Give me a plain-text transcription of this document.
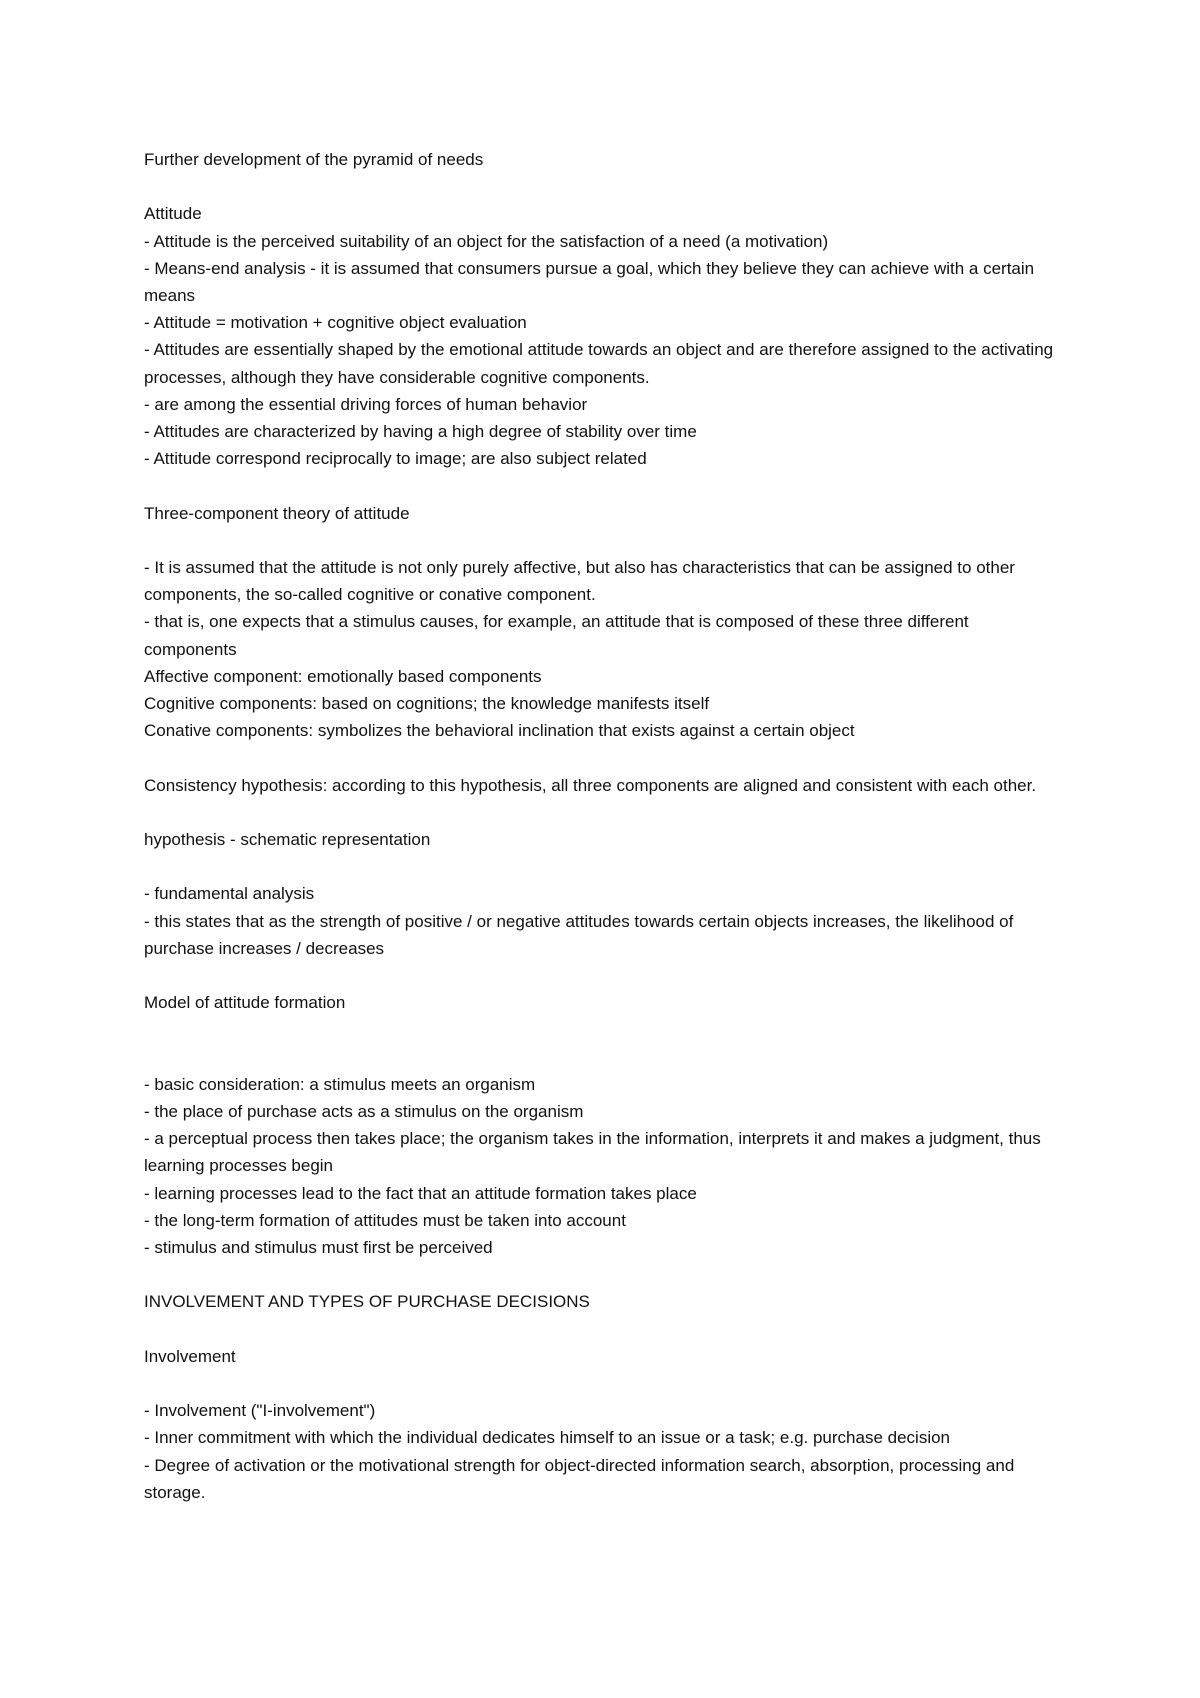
Further development of the pyramid of needs

Attitude

- Attitude is the perceived suitability of an object for the satisfaction of a need (a motivation)

- Means-end analysis - it is assumed that consumers pursue a goal, which they believe they can achieve with a certain means

- Attitude = motivation + cognitive object evaluation

- Attitudes are essentially shaped by the emotional attitude towards an object and are therefore assigned to the activating processes, although they have considerable cognitive components.

- are among the essential driving forces of human behavior

- Attitudes are characterized by having a high degree of stability over time

- Attitude correspond reciprocally to image; are also subject related

Three-component theory of attitude

- It is assumed that the attitude is not only purely affective, but also has characteristics that can be assigned to other components, the so-called cognitive or conative component.

- that is, one expects that a stimulus causes, for example, an attitude that is composed of these three different components

Affective component: emotionally based components

Cognitive components: based on cognitions; the knowledge manifests itself

Conative components: symbolizes the behavioral inclination that exists against a certain object

Consistency hypothesis: according to this hypothesis, all three components are aligned and consistent with each other.

hypothesis - schematic representation

- fundamental analysis

- this states that as the strength of positive / or negative attitudes towards certain objects increases, the likelihood of purchase increases / decreases

Model of attitude formation

- basic consideration: a stimulus meets an organism

- the place of purchase acts as a stimulus on the organism

- a perceptual process then takes place; the organism takes in the information, interprets it and makes a judgment, thus learning processes begin

- learning processes lead to the fact that an attitude formation takes place

- the long-term formation of attitudes must be taken into account

- stimulus and stimulus must first be perceived

INVOLVEMENT AND TYPES OF PURCHASE DECISIONS

Involvement

- Involvement ("I-involvement")

- Inner commitment with which the individual dedicates himself to an issue or a task; e.g. purchase decision

- Degree of activation or the motivational strength for object-directed information search, absorption, processing and storage.
